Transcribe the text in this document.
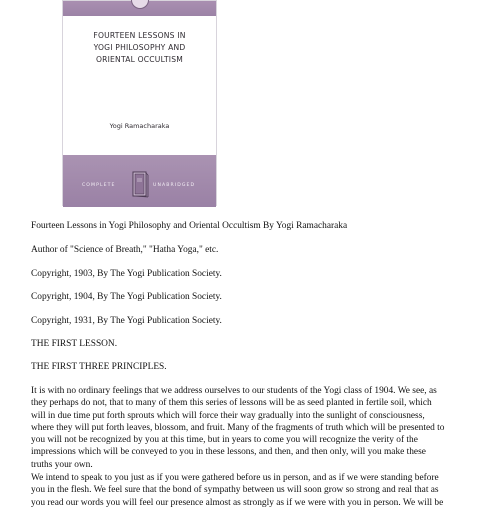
FOURTEEN LESSONS IN
YOGI PHILOSOPHY AND
ORIENTAL OCCULTISM
Yogi Ramacharaka
COMPLETE	UNABRIDGED
Fourteen Lessons in Yogi Philosophy and Oriental Occultism By Yogi Ramacharaka
Author of "Science of Breath," "Hatha Yoga," etc.
Copyright, 1903, By The Yogi Publication Society.
Copyright, 1904, By The Yogi Publication Society.
Copyright, 1931, By The Yogi Publication Society.
THE FIRST LESSON.
THE FIRST THREE PRINCIPLES.
It is with no ordinary feelings that we address ourselves to our students of the Yogi class of 1904. We see, as
they perhaps do not, that to many of them this series of lessons will be as seed planted in fertile soil, which
will in due time put forth sprouts which will force their way gradually into the sunlight of consciousness,
where they will put forth leaves, blossom, and fruit. Many of the fragments of truth which will be presented to
you will not be recognized by you at this time, but in years to come you will recognize the verity of the
impressions which will be conveyed to you in these lessons, and then, and then only, will you make these
truths your own.
We intend to speak to you just as if you were gathered before us in person, and as if we were standing before
you in the flesh. We feel sure that the bond of sympathy between us will soon grow so strong and real that as
you read our words you will feel our presence almost as strongly as if we were with you in person. We will be
